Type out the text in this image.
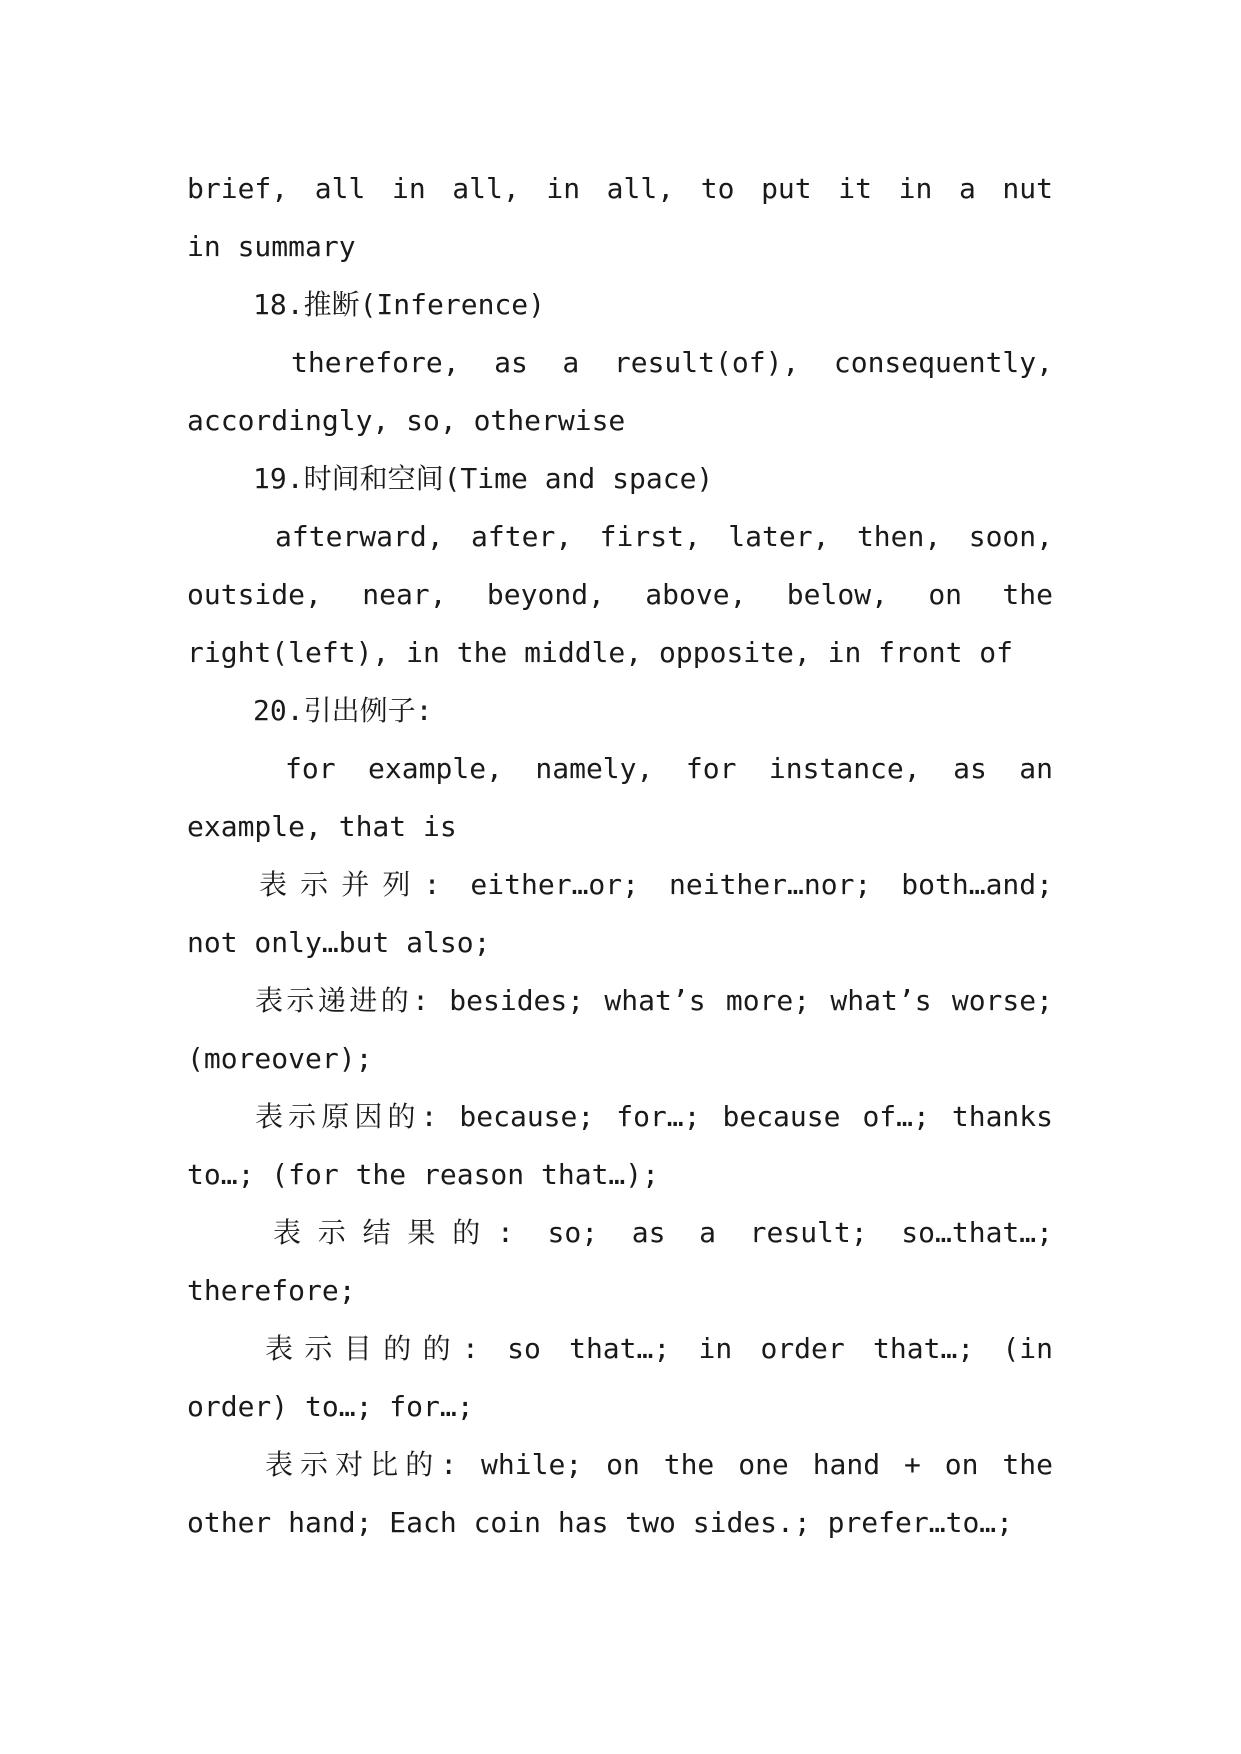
brief, all in all, in all, to put it in a nut
in summary
18.推断(Inference)
therefore, as a result(of), consequently,
accordingly, so, otherwise
19.时间和空间(Time and space)
afterward, after, first, later, then, soon,
outside, near, beyond, above, below, on the
right(left), in the middle, opposite, in front of
20.引出例子:
for example, namely, for instance, as an
example, that is
表示并列: either…or; neither…nor; both…and;
not only…but also;
表示递进的: besides; what’s more; what’s worse;
(moreover);
表示原因的: because; for…; because of…; thanks
to…; (for the reason that…);
表示结果的: so; as a result; so…that…;
therefore;
表示目的的: so that…; in order that…; (in
order) to…; for…;
表示对比的: while; on the one hand + on the
other hand; Each coin has two sides.; prefer…to…;
